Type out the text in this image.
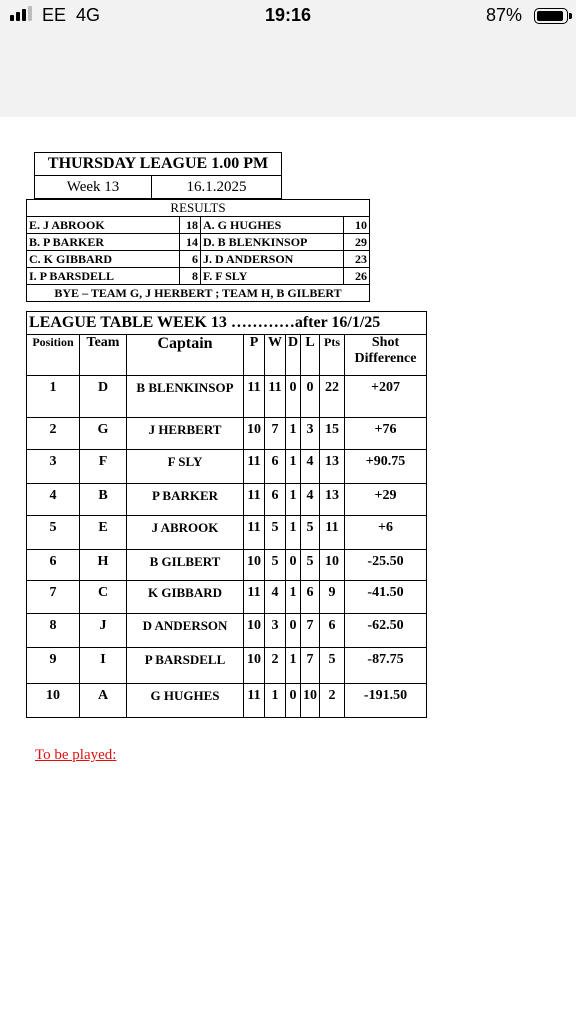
EE 4G	19:16	87%
THURSDAY LEAGUE 1.00 PM
Week 13	16.1.2025
RESULTS			
E. J ABROOK	18	A. G HUGHES	10
B. P BARKER	14	D. B BLENKINSOP	29
C. K GIBBARD	6	J. D ANDERSON	23
I. P BARSDELL	8	F. F SLY	26
BYE – TEAM G, J HERBERT ; TEAM H, B GILBERT			
LEAGUE TABLE WEEK 13 …………after 16/1/25								
Position	Team	Captain	P	W	D	L	Pts	Shot Difference
1	D	B BLENKINSOP	11	11	0	0	22	+207
2	G	J HERBERT	10	7	1	3	15	+76
3	F	F SLY	11	6	1	4	13	+90.75
4	B	P BARKER	11	6	1	4	13	+29
5	E	J ABROOK	11	5	1	5	11	+6
6	H	B GILBERT	10	5	0	5	10	-25.50
7	C	K GIBBARD	11	4	1	6	9	-41.50
8	J	D ANDERSON	10	3	0	7	6	-62.50
9	I	P BARSDELL	10	2	1	7	5	-87.75
10	A	G HUGHES	11	1	0	10	2	-191.50
To be played:
